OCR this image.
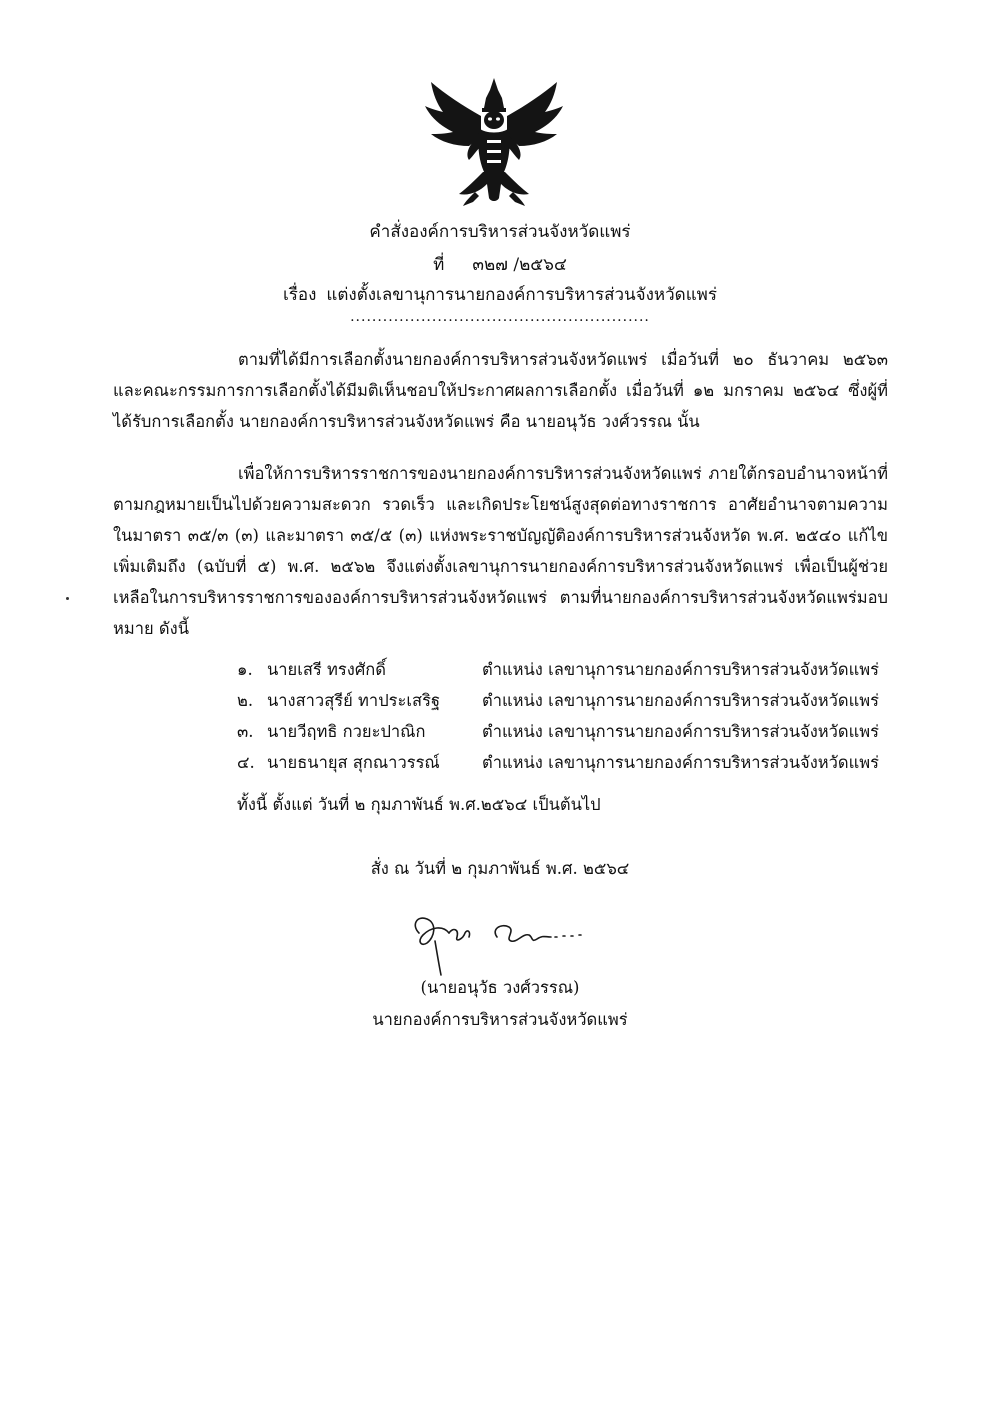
คำสั่งองค์การบริหารส่วนจังหวัดแพร่
ที่ ๓๒๗ /๒๕๖๔
เรื่อง แต่งตั้งเลขานุการนายกองค์การบริหารส่วนจังหวัดแพร่
.......................................................

ตามที่ได้มีการเลือกตั้งนายกองค์การบริหารส่วนจังหวัดแพร่ เมื่อวันที่ ๒๐ ธันวาคม ๒๕๖๓ และคณะกรรมการการเลือกตั้งได้มีมติเห็นชอบให้ประกาศผลการเลือกตั้ง เมื่อวันที่ ๑๒ มกราคม ๒๕๖๔ ซึ่งผู้ที่ได้รับการเลือกตั้ง นายกองค์การบริหารส่วนจังหวัดแพร่ คือ นายอนุวัธ วงศ์วรรณ นั้น

เพื่อให้การบริหารราชการของนายกองค์การบริหารส่วนจังหวัดแพร่ ภายใต้กรอบอำนาจหน้าที่ตามกฎหมายเป็นไปด้วยความสะดวก รวดเร็ว และเกิดประโยชน์สูงสุดต่อทางราชการ อาศัยอำนาจตามความในมาตรา ๓๕/๓ (๓) และมาตรา ๓๕/๕ (๓) แห่งพระราชบัญญัติองค์การบริหารส่วนจังหวัด พ.ศ. ๒๕๔๐ แก้ไขเพิ่มเติมถึง (ฉบับที่ ๕) พ.ศ. ๒๕๖๒ จึงแต่งตั้งเลขานุการนายกองค์การบริหารส่วนจังหวัดแพร่ เพื่อเป็นผู้ช่วยเหลือในการบริหารราชการขององค์การบริหารส่วนจังหวัดแพร่ ตามที่นายกองค์การบริหารส่วนจังหวัดแพร่มอบหมาย ดังนี้

๑. นายเสรี ทรงศักดิ์	ตำแหน่ง เลขานุการนายกองค์การบริหารส่วนจังหวัดแพร่
๒. นางสาวสุรีย์ ทาประเสริฐ	ตำแหน่ง เลขานุการนายกองค์การบริหารส่วนจังหวัดแพร่
๓. นายวีฤทธิ กวยะปาณิก	ตำแหน่ง เลขานุการนายกองค์การบริหารส่วนจังหวัดแพร่
๔. นายธนายุส สุกณาวรรณ์	ตำแหน่ง เลขานุการนายกองค์การบริหารส่วนจังหวัดแพร่
ทั้งนี้ ตั้งแต่ วันที่ ๒ กุมภาพันธ์ พ.ศ.๒๕๖๔ เป็นต้นไป
สั่ง ณ วันที่ ๒ กุมภาพันธ์ พ.ศ. ๒๕๖๔
(นายอนุวัธ วงศ์วรรณ)
นายกองค์การบริหารส่วนจังหวัดแพร่
